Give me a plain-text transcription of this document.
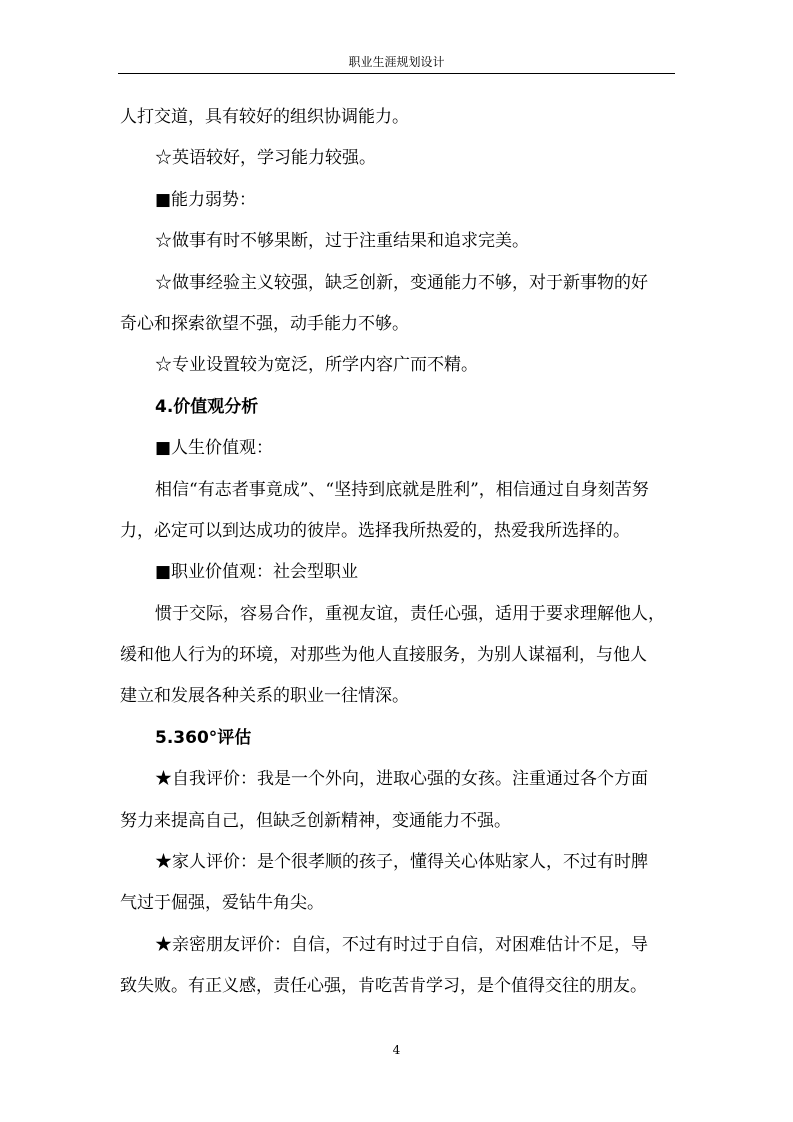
职业生涯规划设计
人打交道，具有较好的组织协调能力。
☆英语较好，学习能力较强。
■能力弱势：
☆做事有时不够果断，过于注重结果和追求完美。
☆做事经验主义较强，缺乏创新，变通能力不够，对于新事物的好
奇心和探索欲望不强，动手能力不够。
☆专业设置较为宽泛，所学内容广而不精。
4.价值观分析
■人生价值观：
相信“有志者事竟成”、“坚持到底就是胜利”，相信通过自身刻苦努
力，必定可以到达成功的彼岸。选择我所热爱的，热爱我所选择的。
■职业价值观：社会型职业
惯于交际，容易合作，重视友谊，责任心强，适用于要求理解他人，
缓和他人行为的环境，对那些为他人直接服务，为别人谋福利，与他人
建立和发展各种关系的职业一往情深。
5.360°评估
★自我评价：我是一个外向，进取心强的女孩。注重通过各个方面
努力来提高自己，但缺乏创新精神，变通能力不强。
★家人评价：是个很孝顺的孩子，懂得关心体贴家人，不过有时脾
气过于倔强，爱钻牛角尖。
★亲密朋友评价：自信，不过有时过于自信，对困难估计不足，导
致失败。有正义感，责任心强，肯吃苦肯学习，是个值得交往的朋友。
4
